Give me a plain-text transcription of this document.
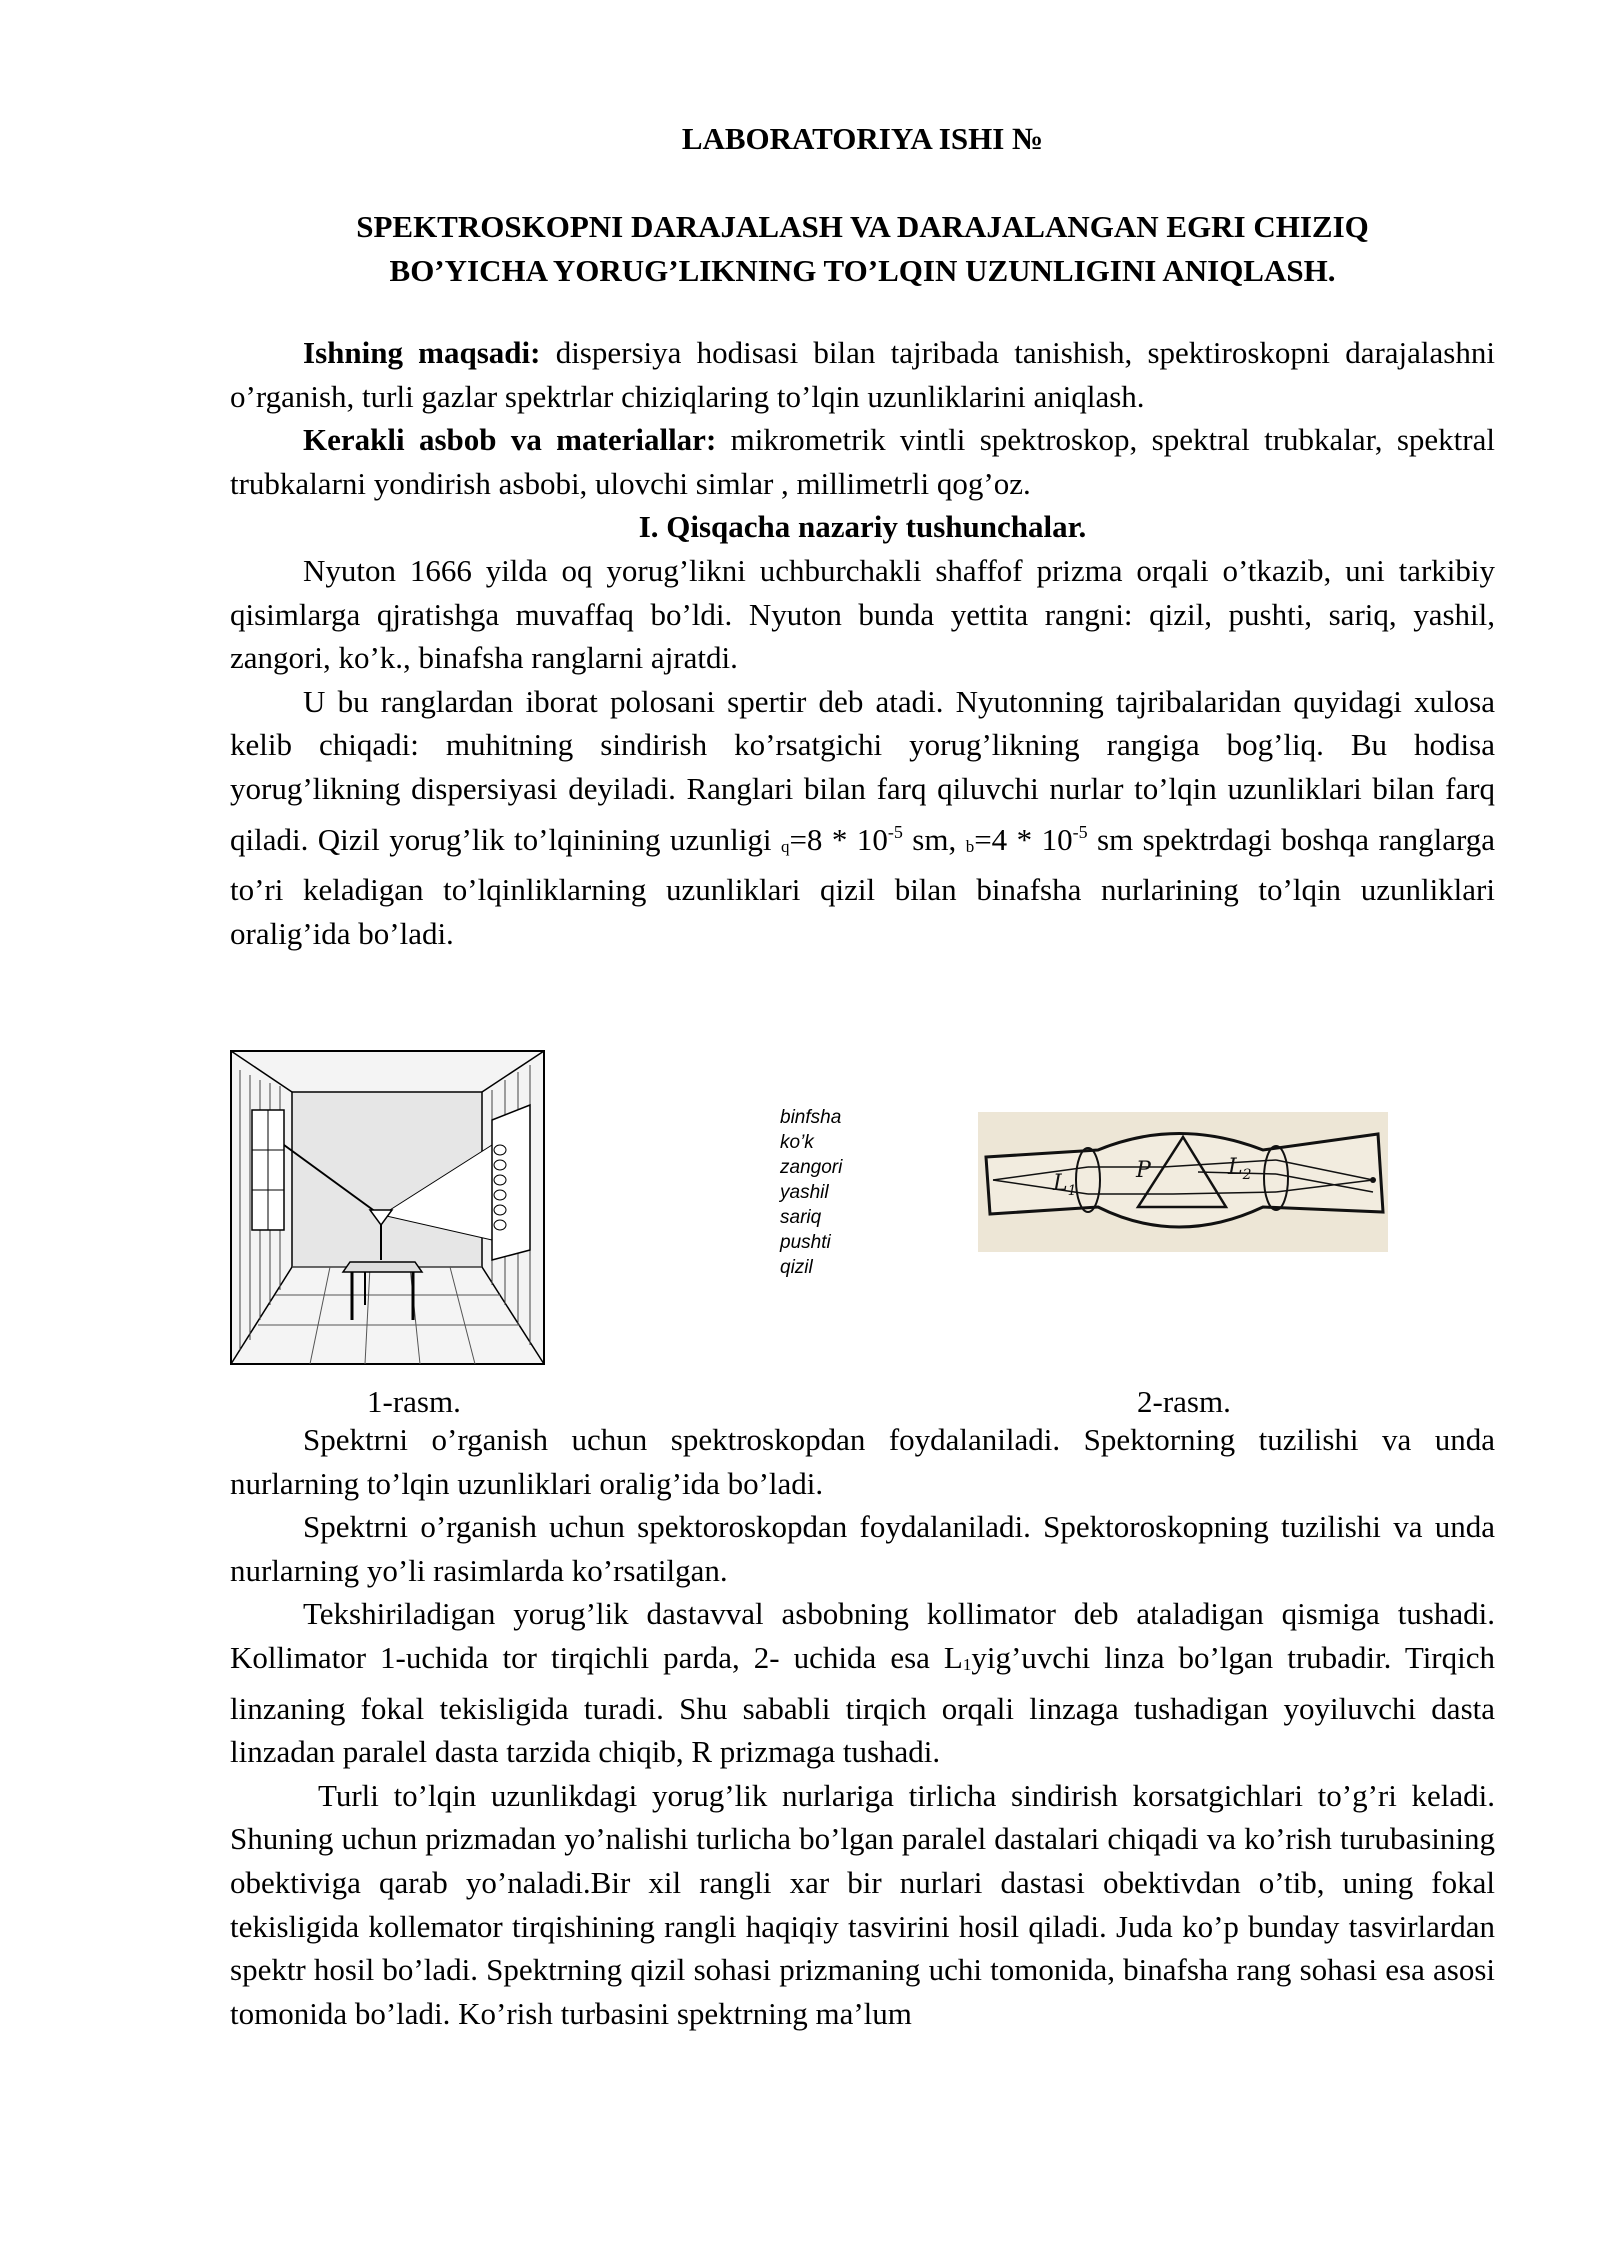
LABORATORIYA ISHI №
SPEKTROSKOPNI DARAJALASH VA DARAJALANGAN EGRI CHIZIQ
BO’YICHA YORUG’LIKNING TO’LQIN UZUNLIGINI ANIQLASH.

Ishning maqsadi: dispersiya hodisasi bilan tajribada tanishish, spektiroskopni darajalashni o’rganish, turli gazlar spektrlar chiziqlaring to’lqin uzunliklarini aniqlash.

Kerakli asbob va materiallar: mikrometrik vintli spektroskop, spektral trubkalar, spektral trubkalarni yondirish asbobi, ulovchi simlar , millimetrli qog’oz.

I. Qisqacha nazariy tushunchalar.

Nyuton 1666 yilda oq yorug’likni uchburchakli shaffof prizma orqali o’tkazib, uni tarkibiy qisimlarga qjratishga muvaffaq bo’ldi. Nyuton bunda yettita rangni: qizil, pushti, sariq, yashil, zangori, ko’k., binafsha ranglarni ajratdi.

U bu ranglardan iborat polosani spertir deb atadi. Nyutonning tajribalaridan quyidagi xulosa kelib chiqadi: muhitning sindirish ko’rsatgichi yorug’likning rangiga bog’liq. Bu hodisa yorug’likning dispersiyasi deyiladi. Ranglari bilan farq qiluvchi nurlar to’lqin uzunliklari bilan farq qiladi. Qizil yorug’lik to’lqinining uzunligi $q=8 * 10^{-5}$ sm, $b=4 * 10^{-5}$ sm spektrdagi boshqa ranglarga to’ri keladigan to’lqinliklarning uzunliklari qizil bilan binafsha nurlarining to’lqin uzunliklari oralig’ida bo’ladi.

binfsha
ko’k
zangori
yashil
sariq
pushti
qizil
$L_1$
P	$L_2$
1-rasm.	2-rasm.

Spektrni o’rganish uchun spektroskopdan foydalaniladi. Spektorning tuzilishi va unda nurlarning to’lqin uzunliklari oralig’ida bo’ladi.

Spektrni o’rganish uchun spektoroskopdan foydalaniladi. Spektoroskopning tuzilishi va unda nurlarning yo’li rasimlarda ko’rsatilgan.

Tekshiriladigan yorug’lik dastavval asbobning kollimator deb ataladigan qismiga tushadi. Kollimator 1-uchida tor tirqichli parda, 2- uchida esa L1yig’uvchi linza bo’lgan trubadir. Tirqich linzaning fokal tekisligida turadi. Shu sababli tirqich orqali linzaga tushadigan yoyiluvchi dasta linzadan paralel dasta tarzida chiqib, R prizmaga tushadi.

Turli to’lqin uzunlikdagi yorug’lik nurlariga tirlicha sindirish korsatgichlari to’g’ri keladi. Shuning uchun prizmadan yo’nalishi turlicha bo’lgan paralel dastalari chiqadi va ko’rish turubasining obektiviga qarab yo’naladi.Bir xil rangli xar bir nurlari dastasi obektivdan o’tib, uning fokal tekisligida kollemator tirqishining rangli haqiqiy tasvirini hosil qiladi. Juda ko’p bunday tasvirlardan spektr hosil bo’ladi. Spektrning qizil sohasi prizmaning uchi tomonida, binafsha rang sohasi esa asosi tomonida bo’ladi. Ko’rish turbasini spektrning ma’lum
